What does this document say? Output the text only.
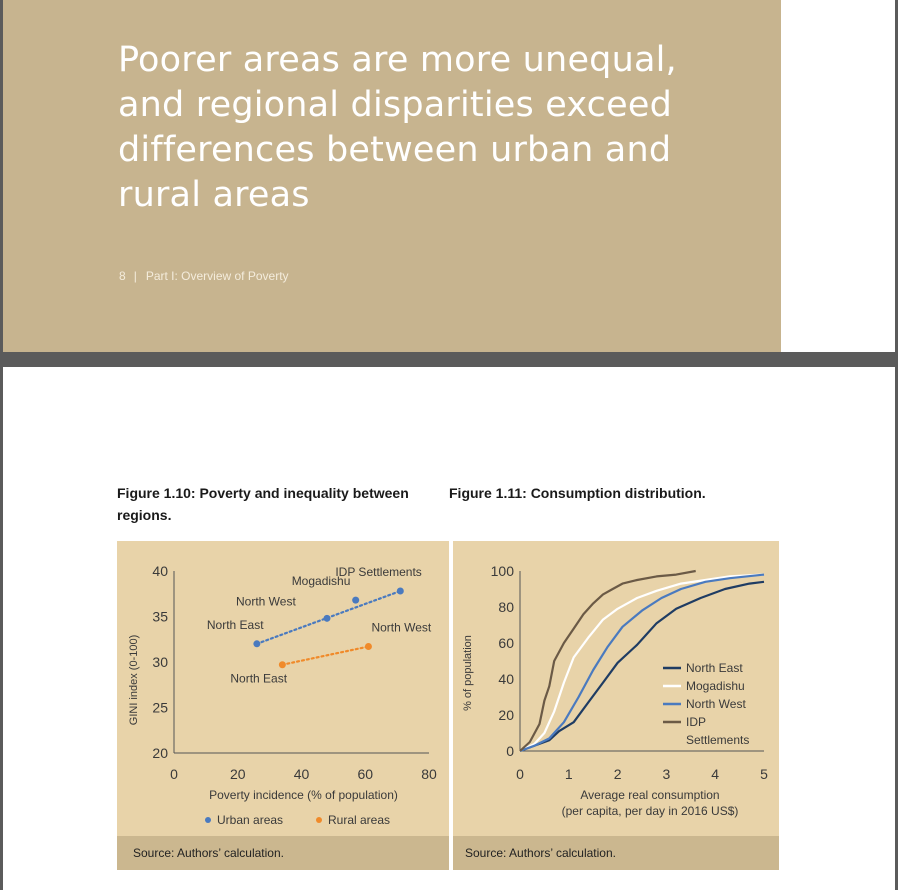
Poorer areas are more unequal, and regional disparities exceed differences between urban and rural areas
8 | Part I: Overview of Poverty
Figure 1.10: Poverty and inequality between regions.
Figure 1.11: Consumption distribution.
20
25
30
35
40
0	20	40	60	80
Poverty incidence (% of population)
GINI index (0-100)
North East
North West
Mogadishu
IDP Settlements
North East
North West
Urban areas	Rural areas
0
20
40
60
80
100
0	1	2	3	4	5
Average real consumption
(per capita, per day in 2016 US$)
% of population	North East
Mogadishu
North West
IDP
Settlements
Source: Authors’ calculation.	Source: Authors’ calculation.
